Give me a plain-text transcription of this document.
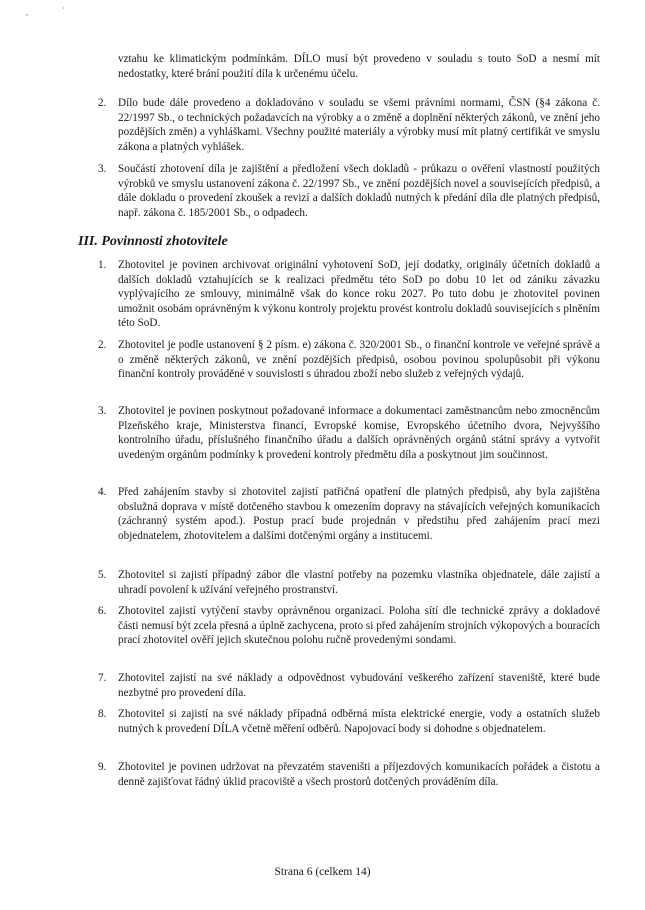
,	·
vztahu ke klimatickým podmínkám. DÍLO musí být provedeno v souladu s touto SoD a nesmí mít nedostatky, které brání použití díla k určenému účelu.
2.	Dílo bude dále provedeno a dokladováno v souladu se všemi právními normami, ČSN (§4 zákona č. 22/1997 Sb., o technických požadavcích na výrobky a o změně a doplnění některých zákonů, ve znění jeho pozdějších změn) a vyhláškami. Všechny použité materiály a výrobky musí mít platný certifikát ve smyslu zákona a platných vyhlášek.
3.	Součástí zhotovení díla je zajištění a předložení všech dokladů - průkazu o ověření vlastností použitých výrobků ve smyslu ustanovení zákona č. 22/1997 Sb., ve znění pozdějších novel a souvisejících předpisů, a dále dokladu o provedení zkoušek a revizí a dalších dokladů nutných k předání díla dle platných předpisů, např. zákona č. 185/2001 Sb., o odpadech.
III. Povinnosti zhotovitele
1.	Zhotovitel je povinen archivovat originální vyhotovení SoD, její dodatky, originály účetních dokladů a dalších dokladů vztahujících se k realizaci předmětu této SoD po dobu 10 let od zániku závazku vyplývajícího ze smlouvy, minimálně však do konce roku 2027. Po tuto dobu je zhotovitel povinen umožnit osobám oprávněným k výkonu kontroly projektu provést kontrolu dokladů souvisejících s plněním této SoD.
2.	Zhotovitel je podle ustanovení § 2 písm. e) zákona č. 320/2001 Sb., o finanční kontrole ve veřejné správě a o změně některých zákonů, ve znění pozdějších předpisů, osobou povinou spolupůsobit při výkonu finanční kontroly prováděné v souvislosti s úhradou zboží nebo služeb z veřejných výdajů.
3.	Zhotovitel je povinen poskytnout požadované informace a dokumentaci zaměstnancům nebo zmocněncům Plzeňského kraje, Ministerstva financí, Evropské komise, Evropského účetního dvora, Nejvyššího kontrolního úřadu, příslušného finančního úřadu a dalších oprávněných orgánů státní správy a vytvořit uvedeným orgánům podmínky k provedení kontroly předmětu díla a poskytnout jim součinnost.
4.	Před zahájením stavby si zhotovitel zajistí patřičná opatření dle platných předpisů, aby byla zajištěna obslužná doprava v místě dotčeného stavbou k omezením dopravy na stávajících veřejných komunikacích (záchranný systém apod.). Postup prací bude projednán v předstihu před zahájením prací mezi objednatelem, zhotovitelem a dalšími dotčenými orgány a institucemi.
5.	Zhotovitel si zajistí případný zábor dle vlastní potřeby na pozemku vlastníka objednatele, dále zajistí a uhradí povolení k užívání veřejného prostranství.
6.	Zhotovitel zajistí vytýčení stavby oprávněnou organizací. Poloha sítí dle technické zprávy a dokladové části nemusí být zcela přesná a úplně zachycena, proto si před zahájením strojních výkopových a bouracích prací zhotovitel ověří jejich skutečnou polohu ručně provedenými sondami.
7.	Zhotovitel zajistí na své náklady a odpovědnost vybudování veškerého zařízení staveniště, které bude nezbytné pro provedení díla.
8.	Zhotovitel si zajistí na své náklady případná odběrná místa elektrické energie, vody a ostatních služeb nutných k provedení DÍLA včetně měření odběrů. Napojovací body si dohodne s objednatelem.
9.	Zhotovitel je povinen udržovat na převzatém staveništi a příjezdových komunikacích pořádek a čistotu a denně zajišťovat řádný úklid pracoviště a všech prostorů dotčených prováděním díla.
Strana 6 (celkem 14)
